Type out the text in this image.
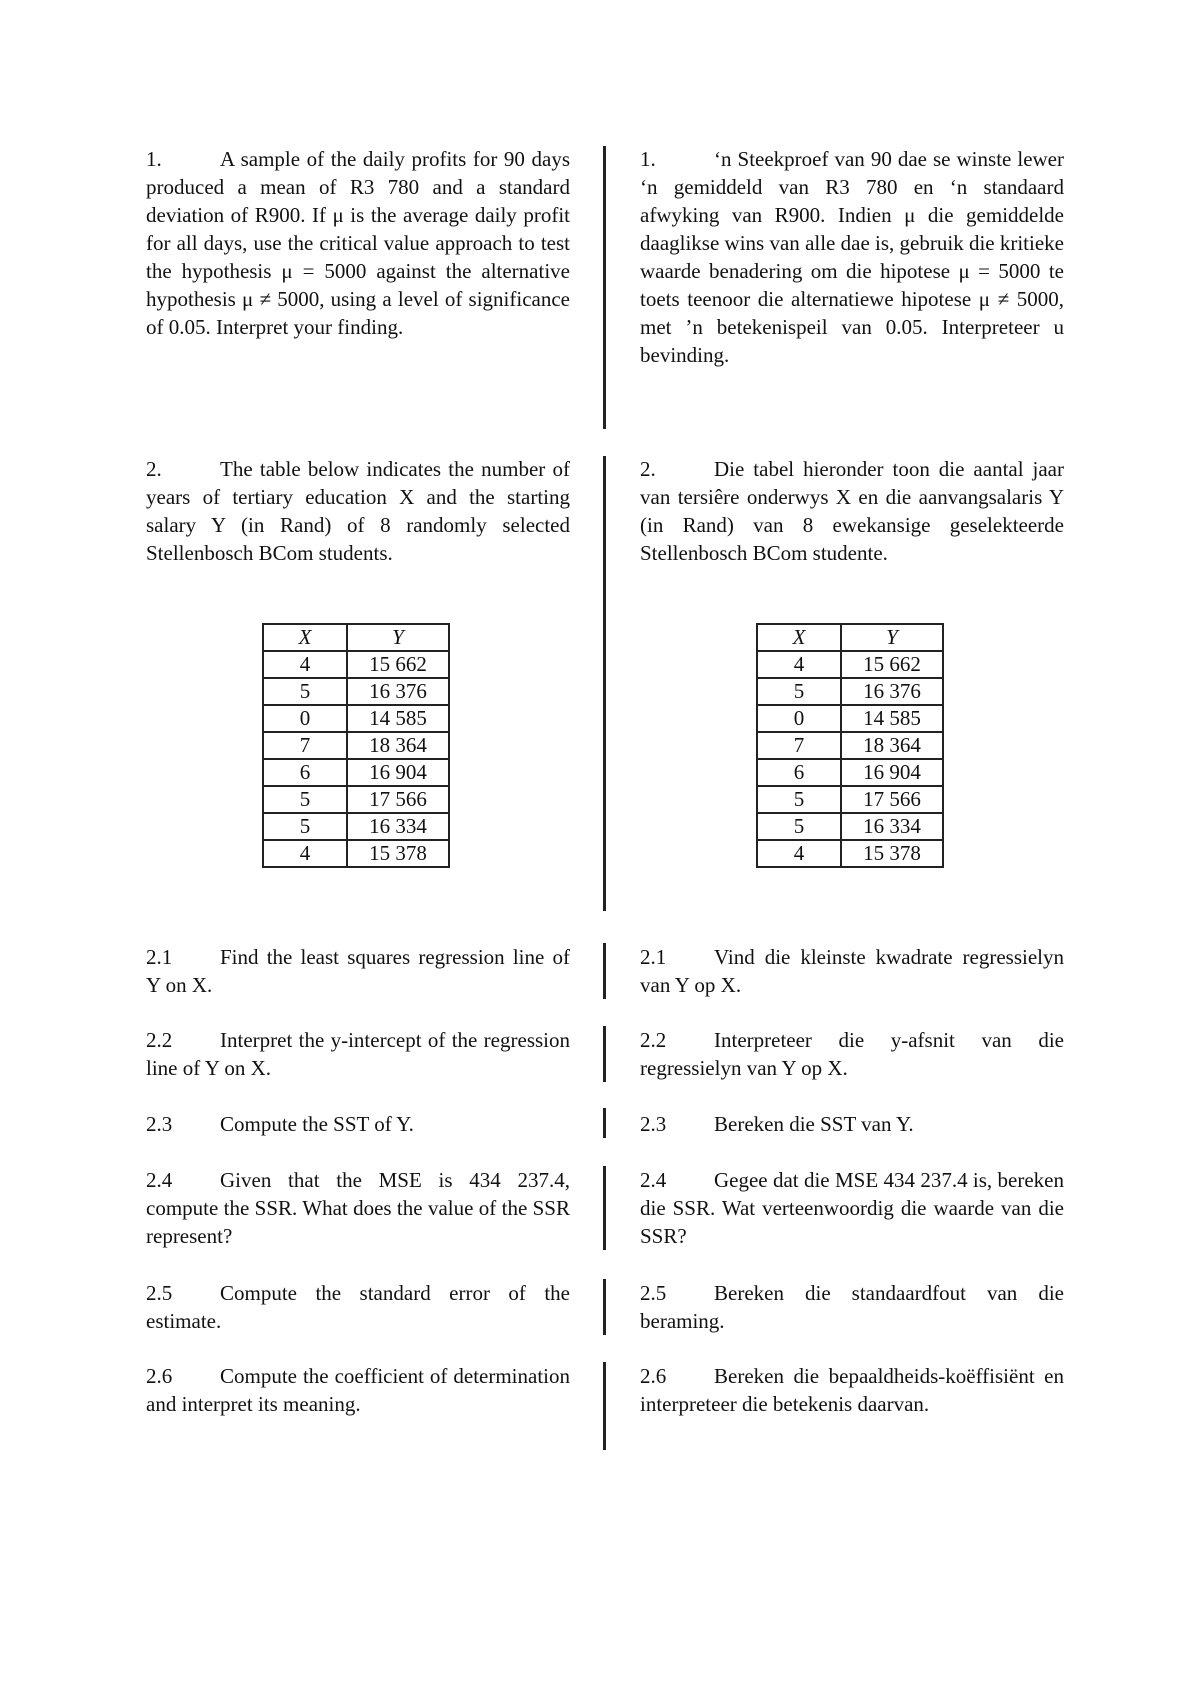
1.	A sample of the daily profits for 90 days produced a mean of R3 780 and a standard deviation of R900. If μ is the average daily profit for all days, use the critical value approach to test the hypothesis μ = 5000 against the alternative hypothesis μ ≠ 5000, using a level of significance of 0.05. Interpret your finding.
1.	‘n Steekproef van 90 dae se winste lewer ‘n gemiddeld van R3 780 en ‘n standaard afwyking van R900. Indien μ die gemiddelde daaglikse wins van alle dae is, gebruik die kritieke waarde benadering om die hipotese μ = 5000 te toets teenoor die alternatiewe hipotese μ ≠ 5000, met ’n betekenispeil van 0.05. Interpreteer u bevinding.
2.	The table below indicates the number of years of tertiary education X and the starting salary Y (in Rand) of 8 randomly selected Stellenbosch BCom students.
2.	Die tabel hieronder toon die aantal jaar van tersiêre onderwys X en die aanvangsalaris Y (in Rand) van 8 ewekansige geselekteerde Stellenbosch BCom studente.
X	Y
4	15 662
5	16 376
0	14 585
7	18 364
6	16 904
5	17 566
5	16 334
4	15 378
X	Y
4	15 662
5	16 376
0	14 585
7	18 364
6	16 904
5	17 566
5	16 334
4	15 378
2.1 Find the least squares regression line of Y on X.
2.1 Vind die kleinste kwadrate regressielyn van Y op X.
2.2 Interpret the y-intercept of the regression line of Y on X.
2.2 Interpreteer die y-afsnit van die regressielyn van Y op X.
2.3 Compute the SST of Y.	2.3 Bereken die SST van Y.
2.4 Given that the MSE is 434 237.4, compute the SSR. What does the value of the SSR represent?
2.4 Gegee dat die MSE 434 237.4 is, bereken die SSR. Wat verteenwoordig die waarde van die SSR?
2.5 Compute the standard error of the estimate.
2.5 Bereken die standaardfout van die beraming.
2.6 Compute the coefficient of determination and interpret its meaning.
2.6 Bereken die bepaaldheids-koëffisiënt en interpreteer die betekenis daarvan.
